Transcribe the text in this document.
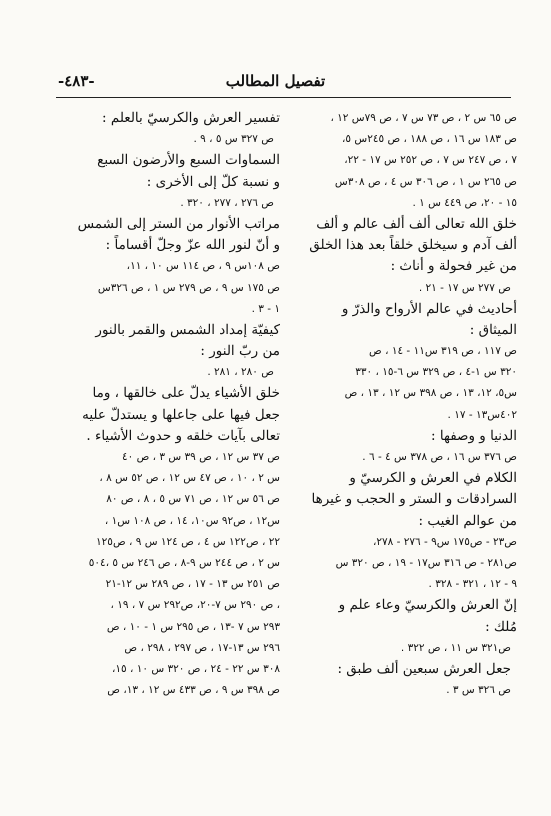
-٤٨٣-	تفصيل المطالب
ص ٦٥ س ٢ ، ص ٧٣ س ٧ ، ص ٧٩س ١٢ ،
ص ١٨٣ س ١٦ ، ص ١٨٨ ، ص ٢٤٥س ٥،
٧ ، ص ٢٤٧ س ٧ ، ص ٢٥٢ س ١٧ - ٢٢،
ص ٢٦٥ س ١ ، ص ٣٠٦ س ٤ ، ص ٣٠٨س
١٥ - ٢٠، ص ٤٤٩ س ١ .
خلق الله تعالى ألف ألف عالم و ألف
ألف آدم و سيخلق خلقاً بعد هذا الخلق
من غير فحولة و أناث :
ص ٢٧٧ س ١٧ - ٢١ .
أحاديث في عالم الأرواح والذرّ و
الميثاق :
ص ١١٧ ، ص ٣١٩ س١١ - ١٤ ، ص
٣٢٠ س ١-٤ ، ص ٣٢٩ س ٦-١٥ ، ٣٣٠
س٥، ١٢، ١٣ ، ص ٣٩٨ س ١٢ ، ١٣ ، ص
٤٠٢س١٣ - ١٧ .
الدنيا و وصفها :
ص ٣٧٦ س ١٦ ، ص ٣٧٨ س ٤ - ٦ .
الكلام في العرش و الكرسيّ و
السرادقات و الستر و الحجب و غيرها
من عوالم الغيب :
ص٢٣ - ص١٧٥ س٩ - ٢٧٦ - ٢٧٨،
ص٢٨١ - ص ٣١٦ س١٧ - ١٩ ، ص ٣٢٠ س
٩ - ١٢ ، ٣٢١ - ٣٢٨ .
إنّ العرش والكرسيّ وعاء علم و
مُلك :
ص٣٢١ س ١١ ، ص ٣٢٢ .
جعل العرش سبعين ألف طبق :
ص ٣٢٦ س ٣ .
تفسير العرش والكرسيّ بالعلم :
ص ٣٢٧ س ٥ ، ٩ .
السماوات السبع والأرضون السبع
و نسبة كلّ إلى الأخرى :
ص ٢٧٦ ، ٢٧٧ ، ٣٢٠ .
مراتب الأنوار من الستر إلى الشمس
و أنّ لنور الله عزّ وجلّ أقساماً :
ص ١٠٨س ٩ ، ص ١١٤ س ١٠ ، ١١،
ص ١٧٥ س ٩ ، ص ٢٧٩ س ١ ، ص ٣٢٦س
١ - ٣ .
كيفيّة إمداد الشمس والقمر بالنور
من ربّ النور :
ص ٢٨٠ ، ٢٨١ .
خلق الأشياء يدلّ على خالقها ، وما
جعل فيها على جاعلها و يستدلّ عليه
تعالى بآيات خلقه و حدوث الأشياء .
ص ٣٧ س ١٢ ، ص ٣٩ س ٣ ، ص ٤٠
س ٢ ، ١٠ ، ص ٤٧ س ١٢ ، ص ٥٢ س ٨ ،
ص ٥٦ س ١٢ ، ص ٧١ س ٥ ، ٨ ، ص ٨٠
س١٢ ، ص٩٢ س١٠، ١٤ ، ص ١٠٨ س١ ،
٢٢ ، ص١٢٢ س ٤ ، ص ١٢٤ س ٩ ، ص١٢٥
س ٢ ، ص ٢٤٤ س ٩-٨ ، ص ٢٤٦ س ٥ ،٥٠٤
ص ٢٥١ س ١٣ - ١٧ ، ص ٢٨٩ س ١٢-٢١
، ص ٢٩٠ س ٧-٢٠، ص٢٩٢ س ٧ ، ١٩ ،
٢٩٣ س ٧ -١٣ ، ص ٢٩٥ س ١ - ١٠ ، ص
٢٩٦ س ١٣-١٧ ، ص ٢٩٧ ، ٢٩٨ ، ص
٣٠٨ س ٢٢ - ٢٤ ، ص ٣٢٠ س ١٠ ، ١٥،
ص ٣٩٨ س ٩ ، ص ٤٣٣ س ١٢ ، ١٣، ص
